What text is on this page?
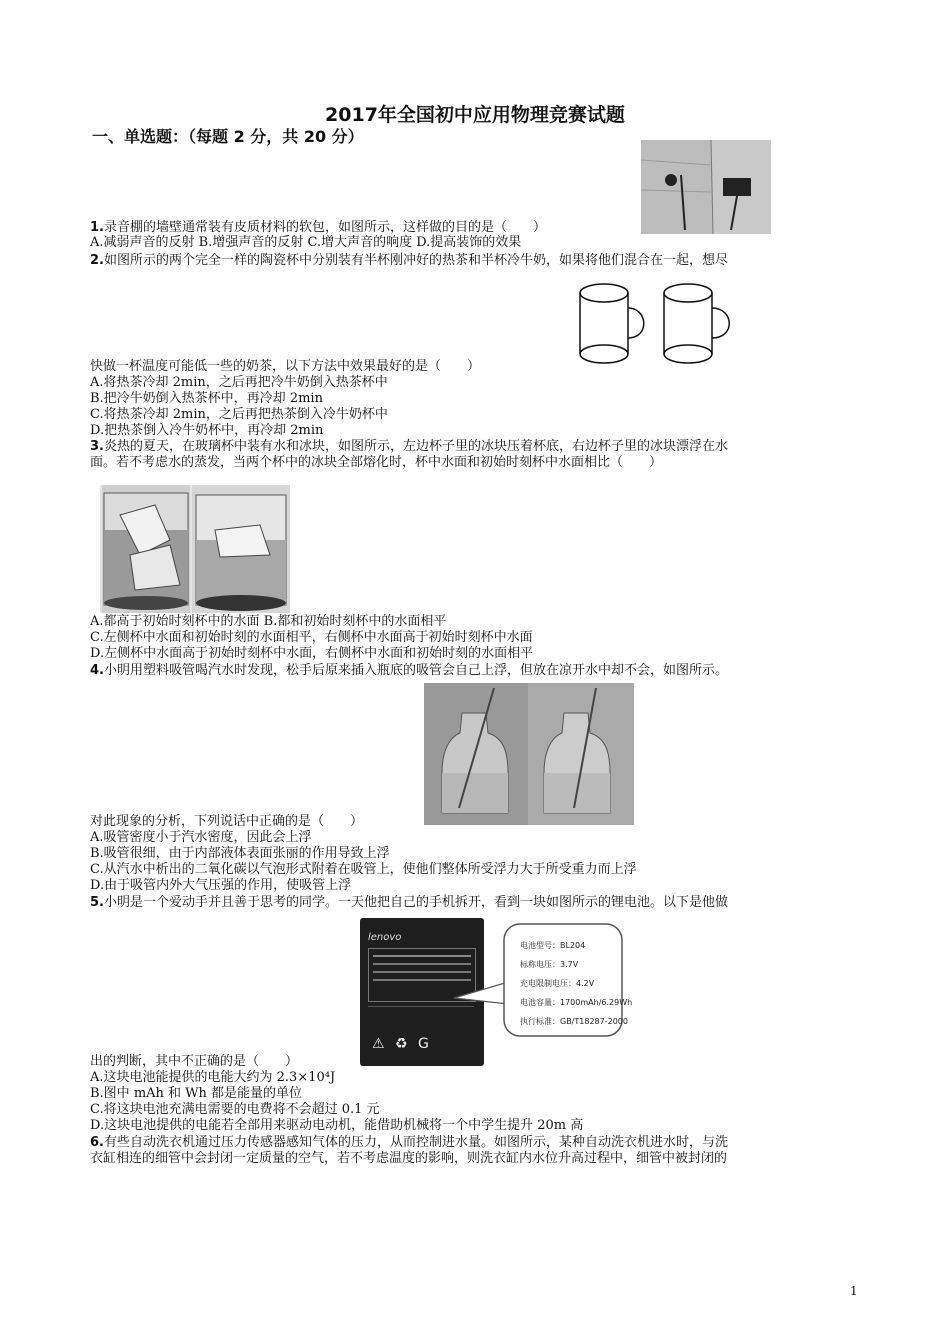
2017年全国初中应用物理竞赛试题
一、单选题：（每题 2 分，共 20 分）
1.录音棚的墙壁通常装有皮质材料的软包，如图所示，这样做的目的是（　　）
A.减弱声音的反射 B.增强声音的反射 C.增大声音的响度 D.提高装饰的效果
2.如图所示的两个完全一样的陶瓷杯中分别装有半杯刚冲好的热茶和半杯冷牛奶，如果将他们混合在一起，想尽
快做一杯温度可能低一些的奶茶，以下方法中效果最好的是（　　）
A.将热茶冷却 2min，之后再把冷牛奶倒入热茶杯中
B.把冷牛奶倒入热茶杯中，再冷却 2min
C.将热茶冷却 2min，之后再把热茶倒入冷牛奶杯中
D.把热茶倒入冷牛奶杯中，再冷却 2min
3.炎热的夏天，在玻璃杯中装有水和冰块，如图所示，左边杯子里的冰块压着杯底，右边杯子里的冰块漂浮在水
面。若不考虑水的蒸发，当两个杯中的冰块全部熔化时，杯中水面和初始时刻杯中水面相比（　　）
A.都高于初始时刻杯中的水面 B.都和初始时刻杯中的水面相平
C.左侧杯中水面和初始时刻的水面相平，右侧杯中水面高于初始时刻杯中水面
D.左侧杯中水面高于初始时刻杯中水面，右侧杯中水面和初始时刻的水面相平
4.小明用塑料吸管喝汽水时发现，松手后原来插入瓶底的吸管会自己上浮，但放在凉开水中却不会，如图所示。
对此现象的分析，下列说话中正确的是（　　）
A.吸管密度小于汽水密度，因此会上浮
B.吸管很细，由于内部液体表面张丽的作用导致上浮
C.从汽水中析出的二氧化碳以气泡形式附着在吸管上，使他们整体所受浮力大于所受重力而上浮
D.由于吸管内外大气压强的作用，使吸管上浮
5.小明是一个爱动手并且善于思考的同学。一天他把自己的手机拆开，看到一块如图所示的锂电池。以下是他做
lenovo
⚠ ♻ G
电池型号：BL204
标称电压：3.7V
充电限制电压：4.2V
电池容量：1700mAh/6.29Wh
执行标准：GB/T18287-2000
出的判断，其中不正确的是（　　）
A.这块电池能提供的电能大约为 2.3×10⁴J
B.图中 mAh 和 Wh 都是能量的单位
C.将这块电池充满电需要的电费将不会超过 0.1 元
D.这块电池提供的电能若全部用来驱动电动机，能借助机械将一个中学生提升 20m 高
6.有些自动洗衣机通过压力传感器感知气体的压力，从而控制进水量。如图所示，某种自动洗衣机进水时，与洗
衣缸相连的细管中会封闭一定质量的空气，若不考虑温度的影响，则洗衣缸内水位升高过程中，细管中被封闭的
1
